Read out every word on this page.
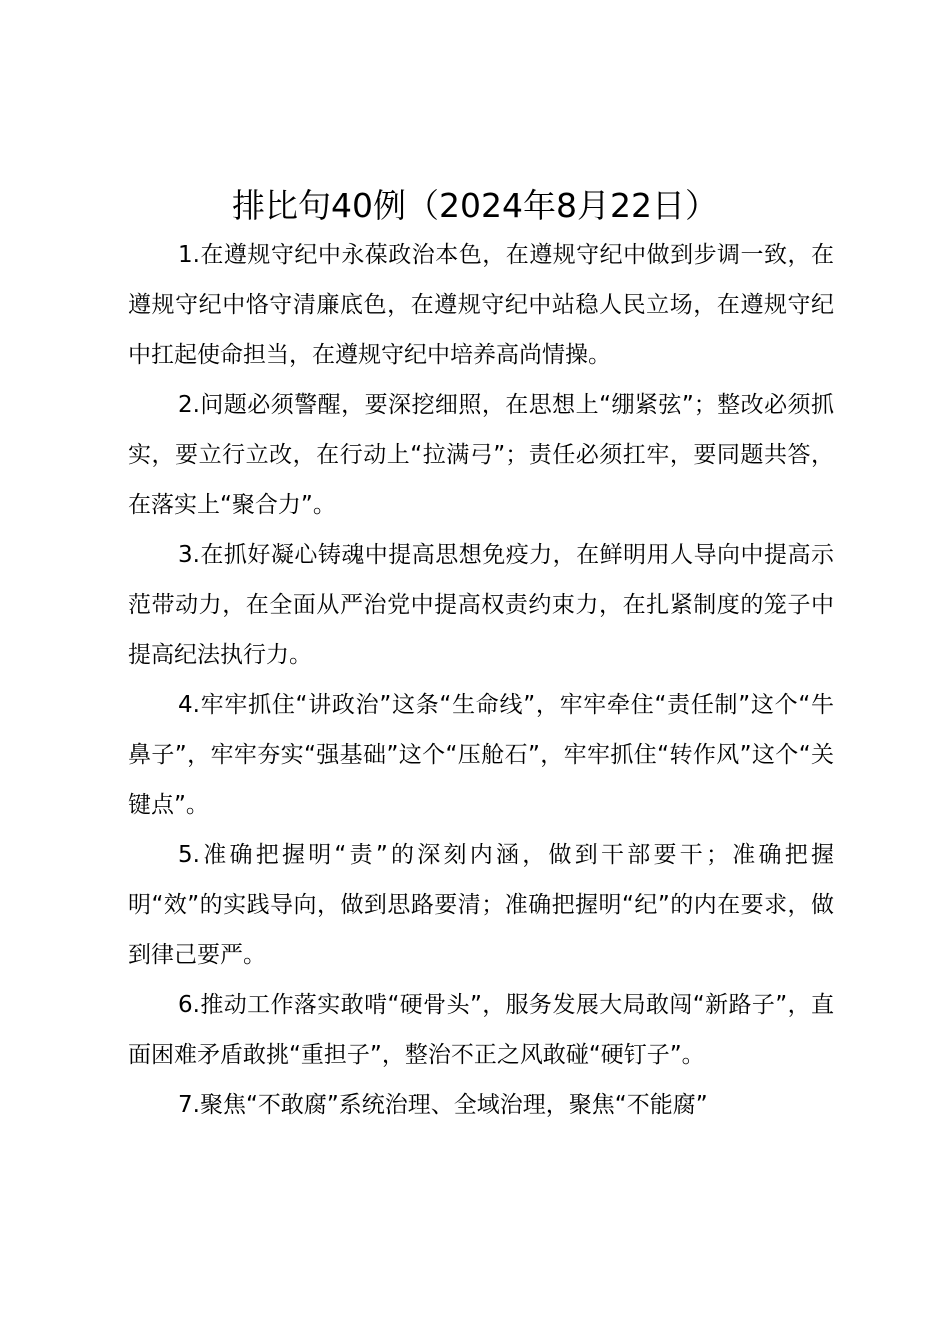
排比句40例（2024年8月22日）

1.在遵规守纪中永葆政治本色，在遵规守纪中做到步调一致，在遵规守纪中恪守清廉底色，在遵规守纪中站稳人民立场，在遵规守纪中扛起使命担当，在遵规守纪中培养高尚情操。

2.问题必须警醒，要深挖细照，在思想上“绷紧弦”；整改必须抓实，要立行立改，在行动上“拉满弓”；责任必须扛牢，要同题共答，在落实上“聚合力”。

3.在抓好凝心铸魂中提高思想免疫力，在鲜明用人导向中提高示范带动力，在全面从严治党中提高权责约束力，在扎紧制度的笼子中提高纪法执行力。

4.牢牢抓住“讲政治”这条“生命线”，牢牢牵住“责任制”这个“牛鼻子”，牢牢夯实“强基础”这个“压舱石”，牢牢抓住“转作风”这个“关键点”。

5.准确把握明“责”的深刻内涵，做到干部要干；准确把握明“效”的实践导向，做到思路要清；准确把握明“纪”的内在要求，做到律己要严。

6.推动工作落实敢啃“硬骨头”，服务发展大局敢闯“新路子”，直面困难矛盾敢挑“重担子”，整治不正之风敢碰“硬钉子”。

7.聚焦“不敢腐”系统治理、全域治理，聚焦“不能腐”
